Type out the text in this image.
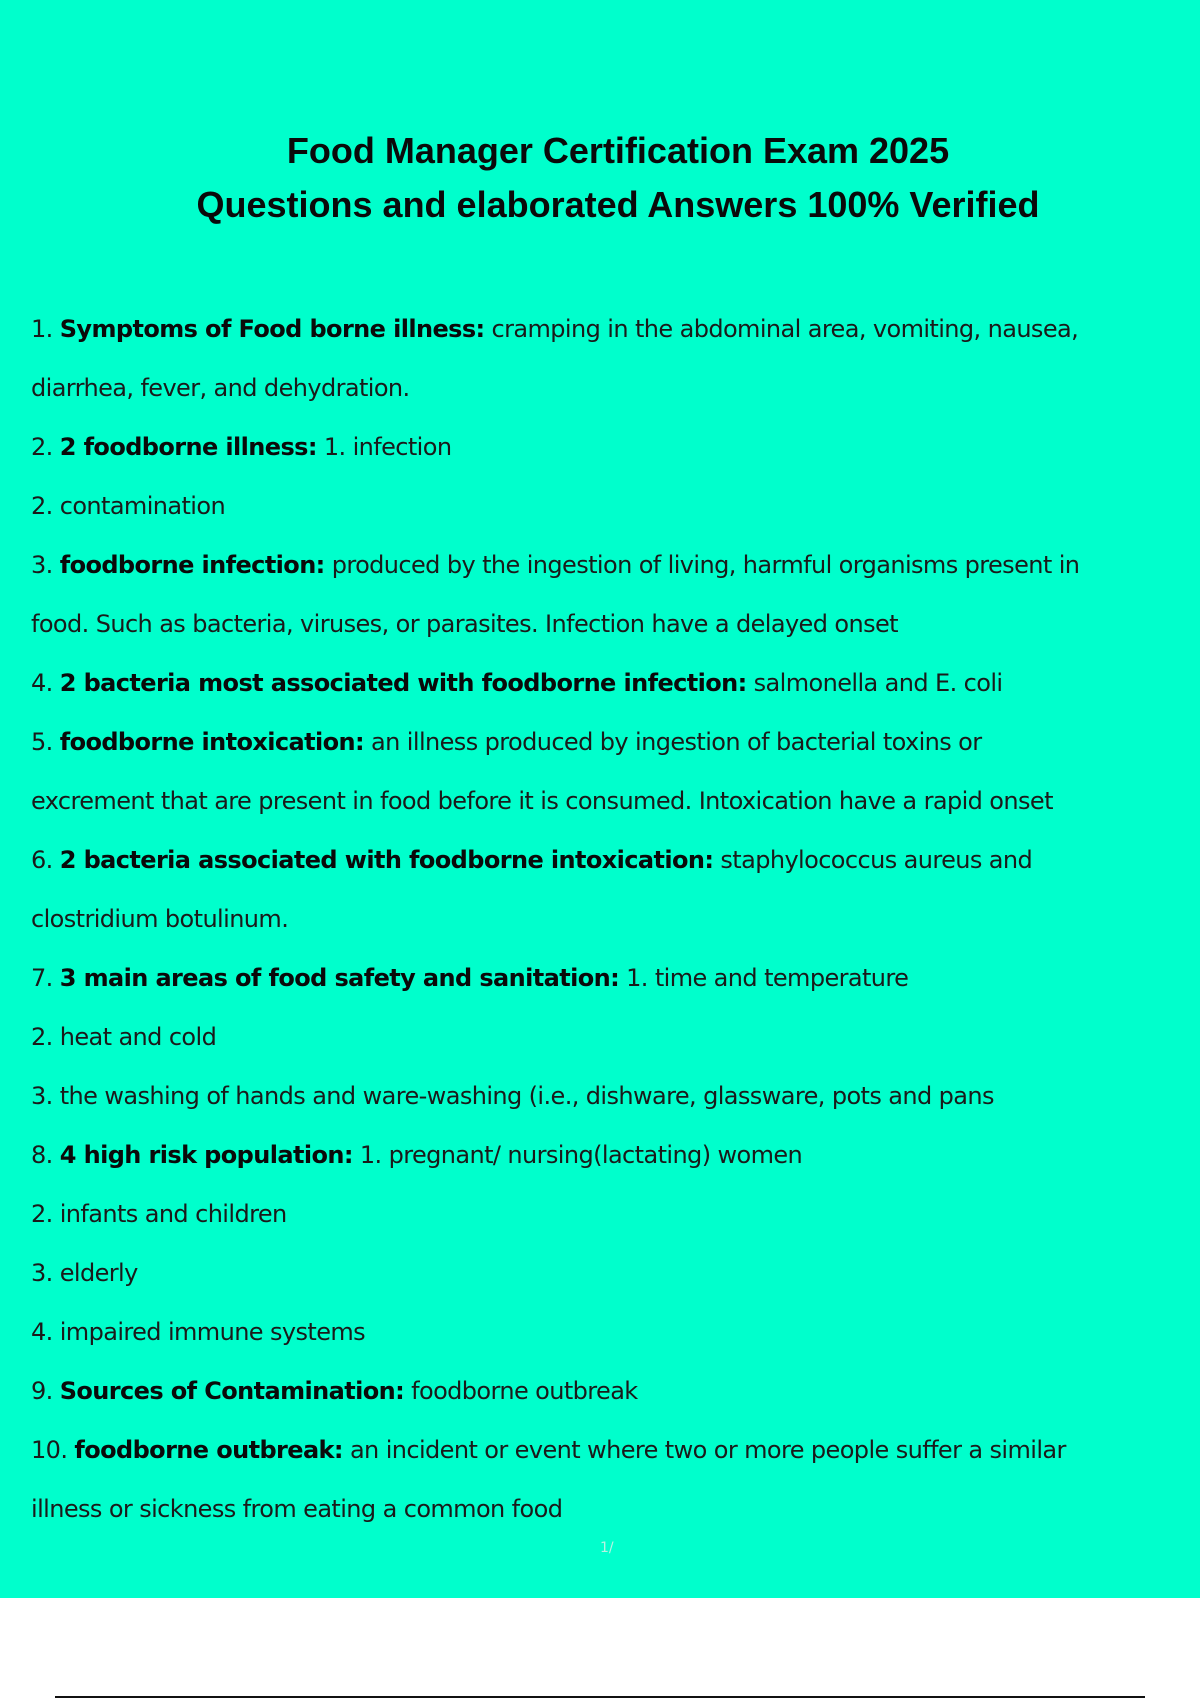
Food Manager Certification Exam 2025
Questions and elaborated Answers 100% Verified
1. Symptoms of Food borne illness: cramping in the abdominal area, vomiting, nausea,
diarrhea, fever, and dehydration.
2. 2 foodborne illness: 1. infection
2. contamination
3. foodborne infection: produced by the ingestion of living, harmful organisms present in
food. Such as bacteria, viruses, or parasites. Infection have a delayed onset
4. 2 bacteria most associated with foodborne infection: salmonella and E. coli
5. foodborne intoxication: an illness produced by ingestion of bacterial toxins or
excrement that are present in food before it is consumed. Intoxication have a rapid onset
6. 2 bacteria associated with foodborne intoxication: staphylococcus aureus and
clostridium botulinum.
7. 3 main areas of food safety and sanitation: 1. time and temperature
2. heat and cold
3. the washing of hands and ware-washing (i.e., dishware, glassware, pots and pans
8. 4 high risk population: 1. pregnant/ nursing(lactating) women
2. infants and children
3. elderly
4. impaired immune systems
9. Sources of Contamination: foodborne outbreak
10. foodborne outbreak: an incident or event where two or more people suffer a similar
illness or sickness from eating a common food
1/
